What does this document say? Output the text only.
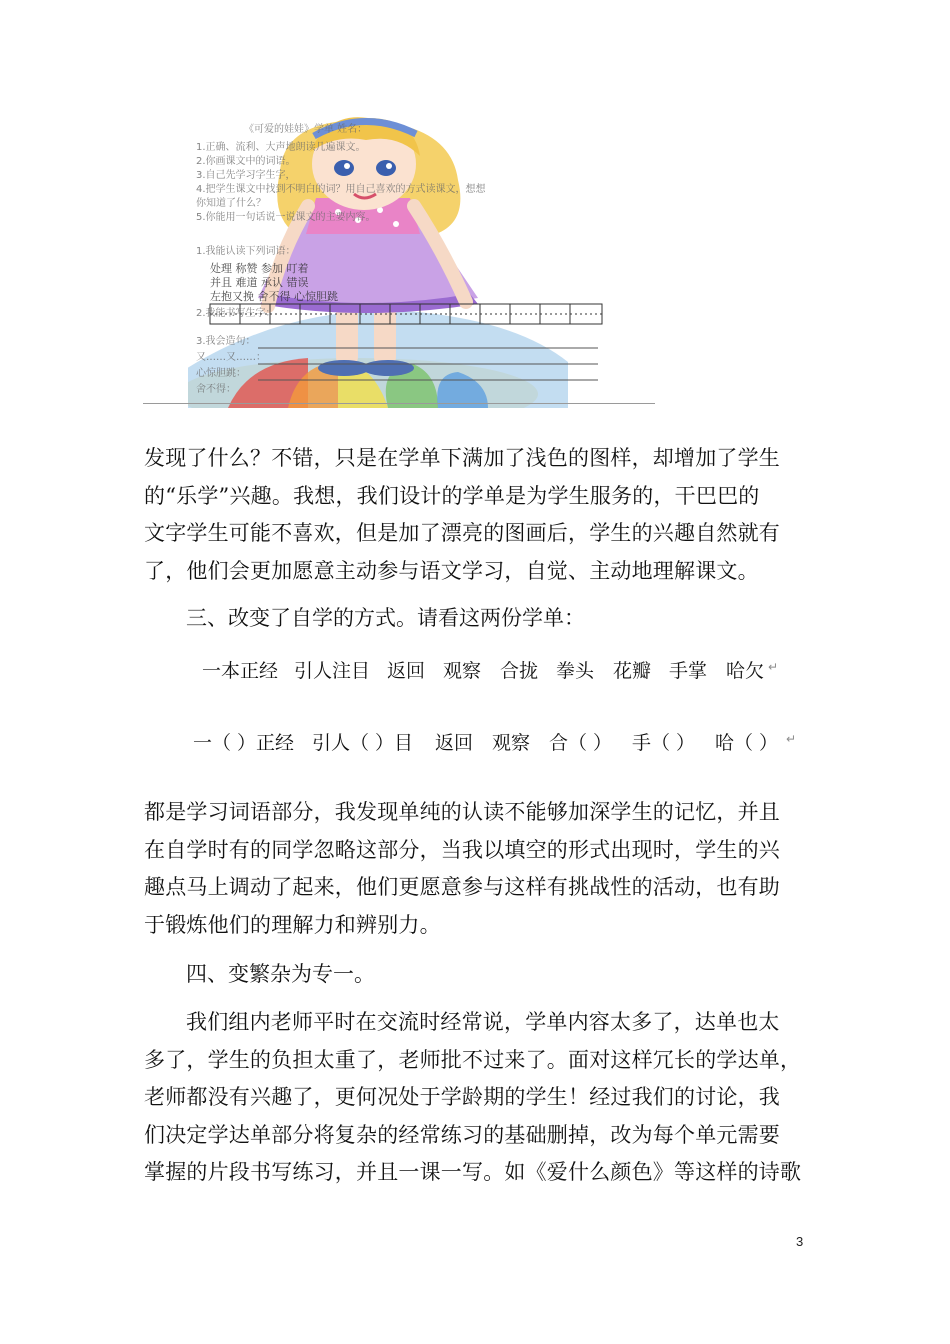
《可爱的娃娃》学单 姓名：
1.正确、流利、大声地朗读几遍课文。
2.你画课文中的词语。
3.自己先学习字生字，
4.把学生课文中找到不明白的词？用自己喜欢的方式读课文，想想
你知道了什么？
5.你能用一句话说一说课文的主要内容。
1.我能认读下列词语：
处理 称赞 参加 叮着
并且 难道 承认 错误
左抱又挽 舍不得 心惊胆跳
2.我能书写生字：
3.我会造句：
又……又……：
心惊胆跳：
舍不得：

发现了什么？不错，只是在学单下满加了浅色的图样，却增加了学生
的“乐学”兴趣。我想，我们设计的学单是为学生服务的，干巴巴的
文字学生可能不喜欢，但是加了漂亮的图画后，学生的兴趣自然就有
了，他们会更加愿意主动参与语文学习，自觉、主动地理解课文。

三、改变了自学的方式。请看这两份学单：
一本正经 引人注目 返回 观察 合拢 拳头 花瓣 手掌 哈欠 ↵
一（ ）正经 引人（ ）目 返回 观察 合（ ） 手（ ） 哈（ ） ↵

都是学习词语部分，我发现单纯的认读不能够加深学生的记忆，并且
在自学时有的同学忽略这部分，当我以填空的形式出现时，学生的兴
趣点马上调动了起来，他们更愿意参与这样有挑战性的活动，也有助
于锻炼他们的理解力和辨别力。

四、变繁杂为专一。

我们组内老师平时在交流时经常说，学单内容太多了，达单也太
多了，学生的负担太重了，老师批不过来了。面对这样冗长的学达单，
老师都没有兴趣了，更何况处于学龄期的学生！经过我们的讨论，我
们决定学达单部分将复杂的经常练习的基础删掉，改为每个单元需要
掌握的片段书写练习，并且一课一写。如《爱什么颜色》等这样的诗歌

3
